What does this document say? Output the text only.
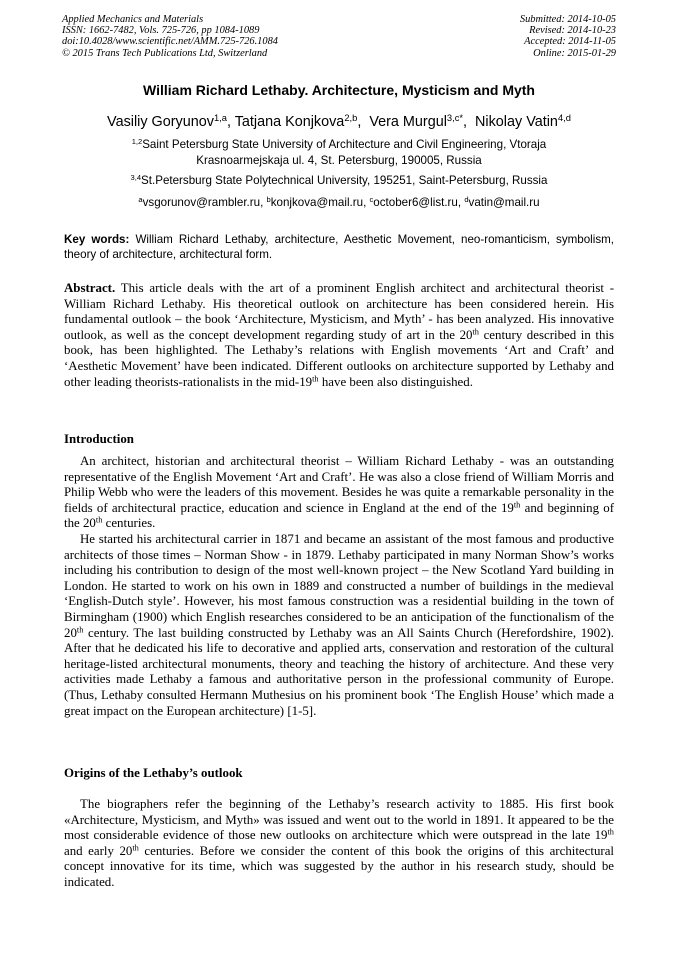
Applied Mechanics and Materials
ISSN: 1662-7482, Vols. 725-726, pp 1084-1089
doi:10.4028/www.scientific.net/AMM.725-726.1084
© 2015 Trans Tech Publications Ltd, Switzerland
Submitted: 2014-10-05
Revised: 2014-10-23
Accepted: 2014-11-05
Online: 2015-01-29
William Richard Lethaby. Architecture, Mysticism and Myth
Vasiliy Goryunov$^{1,a}$, Tatjana Konjkova$^{2,b}$,  Vera Murgul$^{3,c*}$,  Nikolay Vatin$^{4,d}$
$^{1,2}$Saint Petersburg State University of Architecture and Civil Engineering, Vtoraja
Krasnoarmejskaja ul. 4, St. Petersburg, 190005, Russia
$^{3,4}$St.Petersburg State Polytechnical University, 195251, Saint-Petersburg, Russia
$^a$vsgorunov@rambler.ru, $^b$konjkova@mail.ru, $^c$october6@list.ru, $^d$vatin@mail.ru
Key words: William Richard Lethaby, architecture, Aesthetic Movement, neo-romanticism, symbolism, theory of architecture, architectural form.
Abstract. This article deals with the art of a prominent English architect and architectural theorist - William Richard Lethaby. His theoretical outlook on architecture has been considered herein. His fundamental outlook – the book ‘Architecture, Mysticism, and Myth’ - has been analyzed. His innovative outlook, as well as the concept development regarding study of art in the 20th century described in this book, has been highlighted. The Lethaby’s relations with English movements ‘Art and Craft’ and ‘Aesthetic Movement’ have been indicated. Different outlooks on architecture supported by Lethaby and other leading theorists-rationalists in the mid-19th have been also distinguished.
Introduction

An architect, historian and architectural theorist – William Richard Lethaby - was an outstanding representative of the English Movement ‘Art and Craft’. He was also a close friend of William Morris and Philip Webb who were the leaders of this movement. Besides he was quite a remarkable personality in the fields of architectural practice, education and science in England at the end of the 19th and beginning of the 20th centuries.

He started his architectural carrier in 1871 and became an assistant of the most famous and productive architects of those times – Norman Show - in 1879. Lethaby participated in many Norman Show’s works including his contribution to design of the most well-known project – the New Scotland Yard building in London. He started to work on his own in 1889 and constructed a number of buildings in the medieval ‘English-Dutch style’. However, his most famous construction was a residential building in the town of Birmingham (1900) which English researches considered to be an anticipation of the functionalism of the 20th century. The last building constructed by Lethaby was an All Saints Church (Herefordshire, 1902). After that he dedicated his life to decorative and applied arts, conservation and restoration of the cultural heritage-listed architectural monuments, theory and teaching the history of architecture. And these very activities made Lethaby a famous and authoritative person in the professional community of Europe. (Thus, Lethaby consulted Hermann Muthesius on his prominent book ‘The English House’ which made a great impact on the European architecture) [1-5].

Origins of the Lethaby’s outlook

The biographers refer the beginning of the Lethaby’s research activity to 1885. His first book «Architecture, Mysticism, and Myth» was issued and went out to the world in 1891. It appeared to be the most considerable evidence of those new outlooks on architecture which were outspread in the late 19th and early 20th centuries. Before we consider the content of this book the origins of this architectural concept innovative for its time, which was suggested by the author in his research study, should be indicated.
